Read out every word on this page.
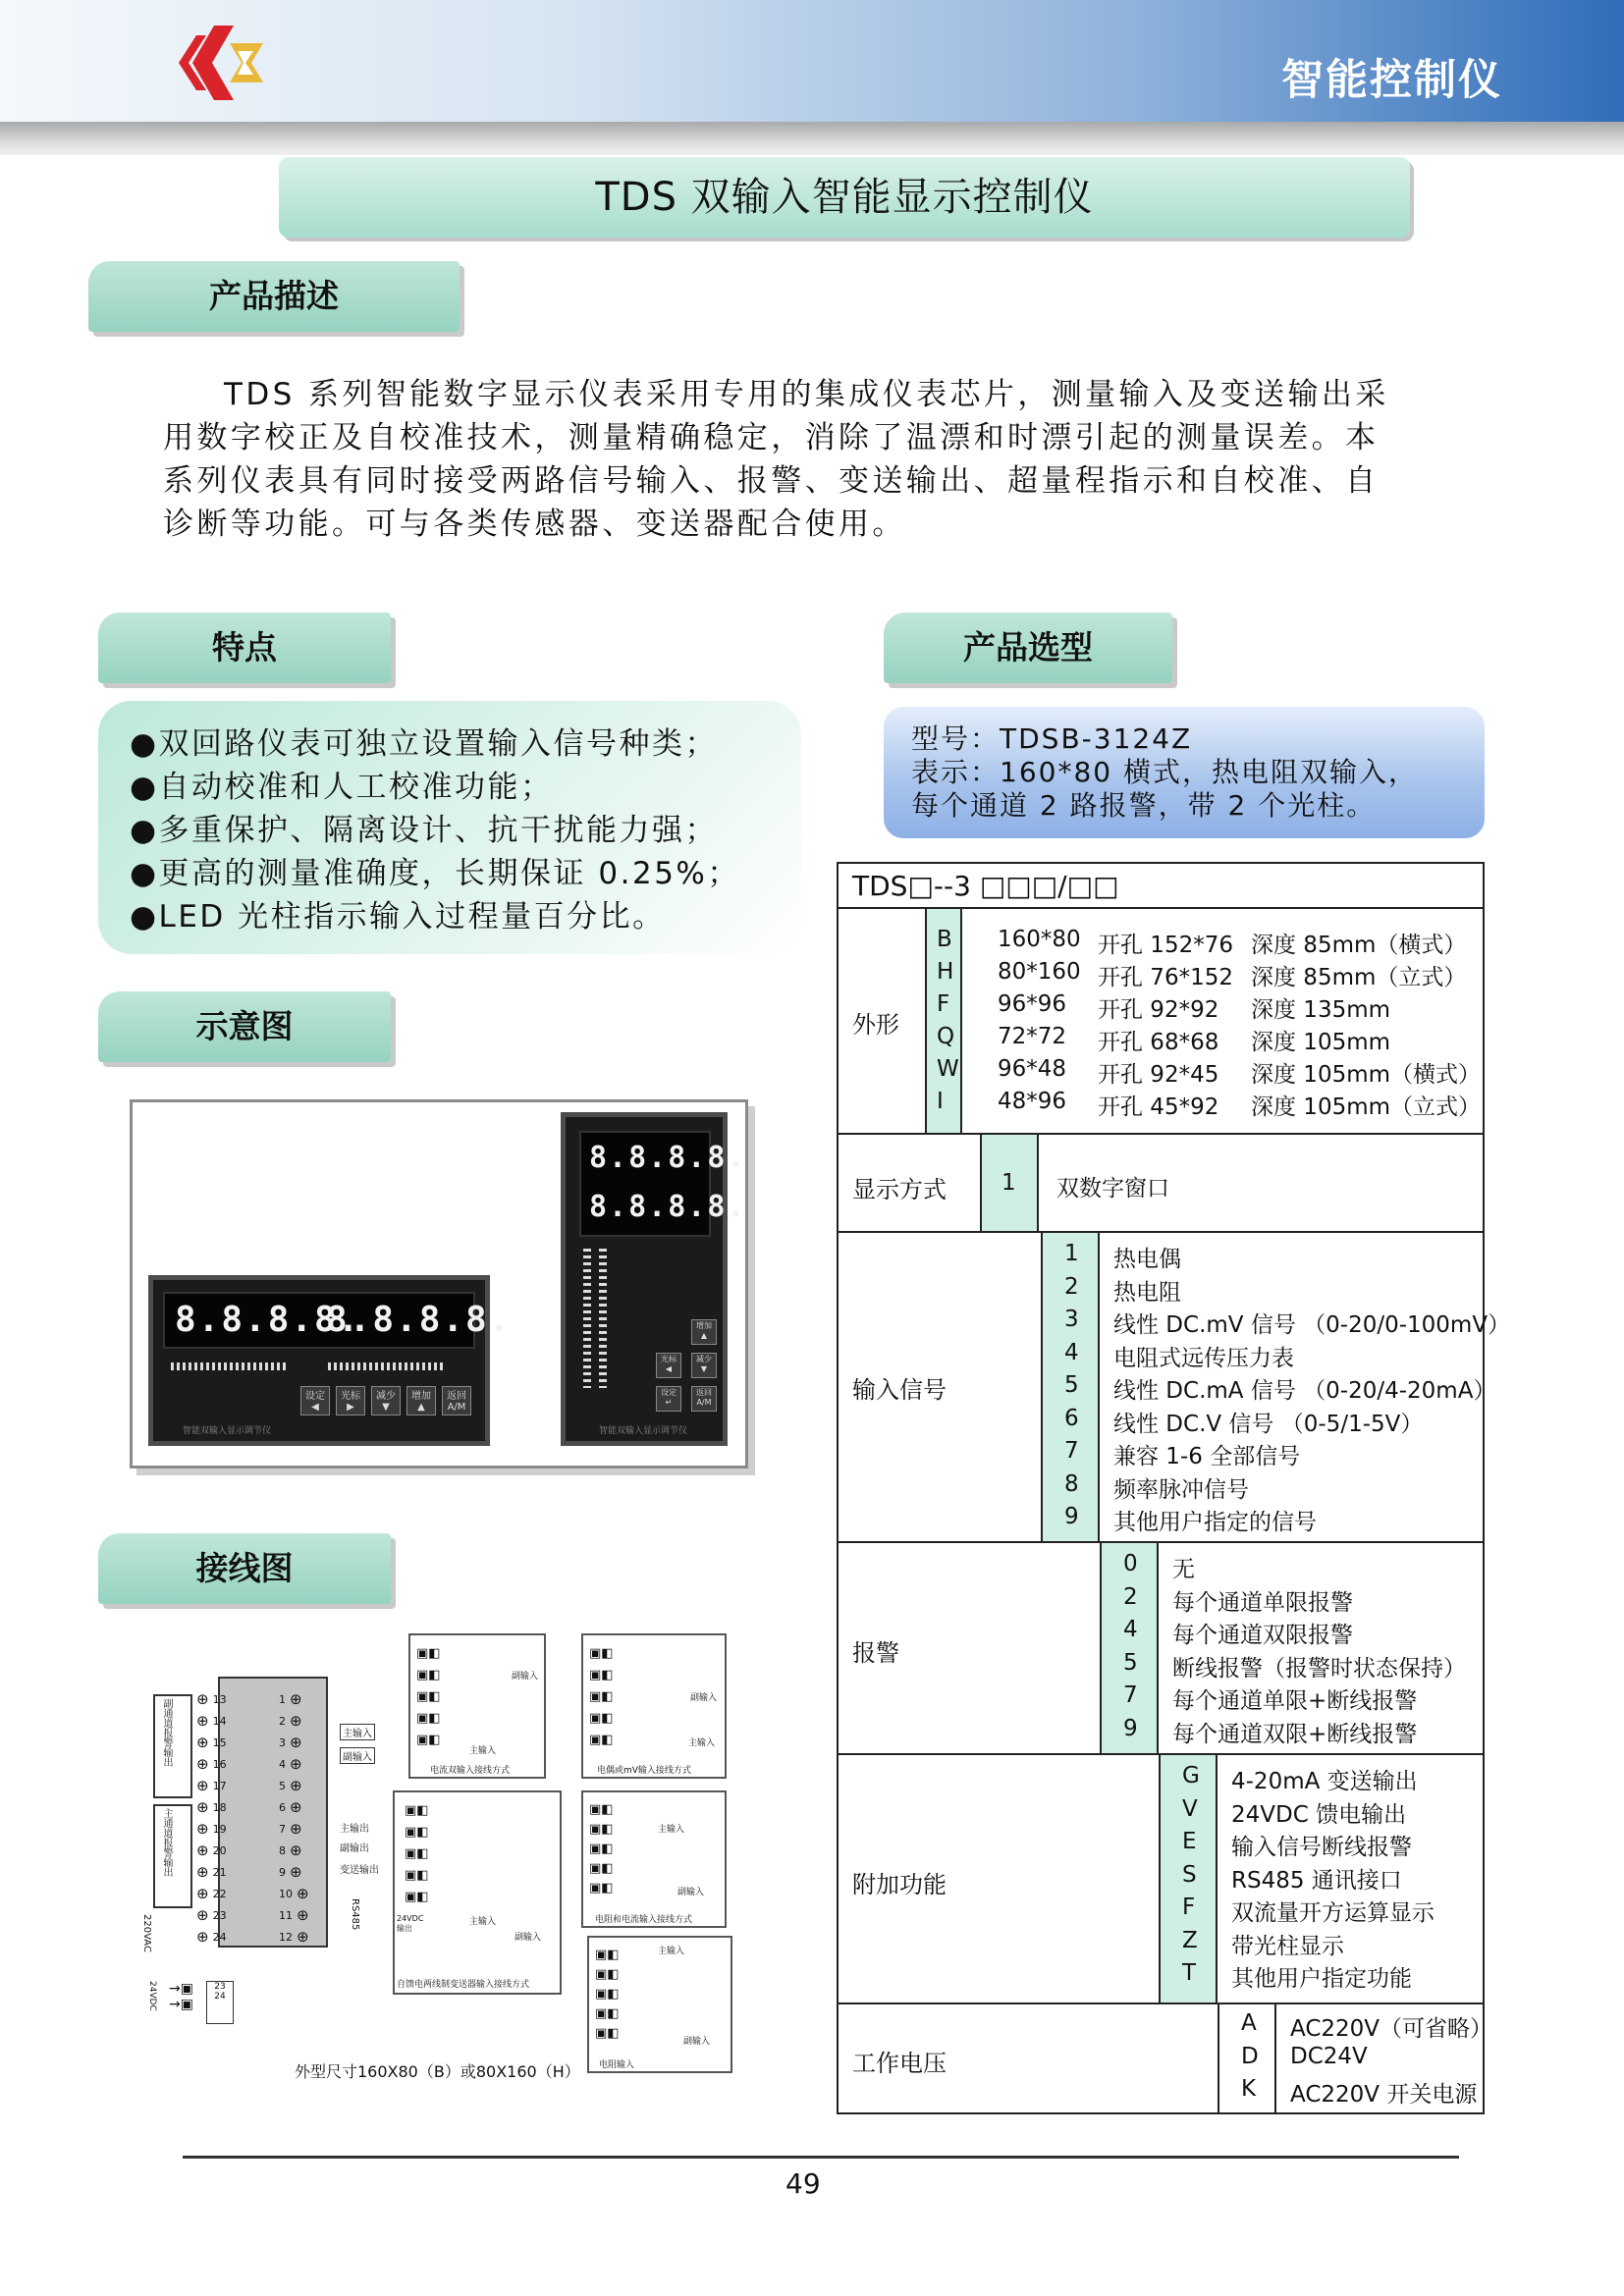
智能控制仪
TDS 双输入智能显示控制仪
产品描述

TDS 系列智能数字显示仪表采用专用的集成仪表芯片，测量输入及变送输出采

用数字校正及自校准技术，测量精确稳定，消除了温漂和时漂引起的测量误差。本
系列仪表具有同时接受两路信号输入、报警、变送输出、超量程指示和自校准、自
诊断等功能。可与各类传感器、变送器配合使用。
特点
●双回路仪表可独立设置输入信号种类；
●自动校准和人工校准功能；
●多重保护、隔离设计、抗干扰能力强；
●更高的测量准确度，长期保证 0.25%；
●LED 光柱指示输入过程量百分比。
产品选型
型号：TDSB-3124Z
表示：160*80 横式，热电阻双输入，
每个通道 2 路报警，带 2 个光柱。
TDS□--3 □□□/□□
外形
B
H
F
Q
W
I
160*80
80*160
96*96
72*72
96*48
48*96
开孔 152*76
开孔 76*152
开孔 92*92
开孔 68*68
开孔 92*45
开孔 45*92
深度 85mm（横式）
深度 85mm（立式）
深度 135mm
深度 105mm
深度 105mm（横式）
深度 105mm（立式）
显示方式 1 双数字窗口
输入信号
报警
附加功能
工作电压
1 热电偶
2 热电阻
3 线性 DC.mV 信号 （0-20/0-100mV）
4 电阻式远传压力表
5 线性 DC.mA 信号 （0-20/4-20mA）
6 线性 DC.V 信号 （0-5/1-5V）
7 兼容 1-6 全部信号
8 频率脉冲信号
9 其他用户指定的信号
0 无
2 每个通道单限报警
4 每个通道双限报警
5 断线报警（报警时状态保持）
7 每个通道单限+断线报警
9 每个通道双限+断线报警
G 4-20mA 变送输出
V 24VDC 馈电输出
E 输入信号断线报警
S RS485 通讯接口
F 双流量开方运算显示
Z 带光柱显示
T 其他用户指定功能
A AC220V（可省略）
D DC24V
K AC220V 开关电源
示意图
8.8.8.8.
8.8.8.8.
设定
◀
光标
▶
减少
▼
增加
▲
返回
A/M
智能双输入显示调节仪
8.8.8.8.
8.8.8.8.
增加
▲
光标
◀
减少
▼
设定
↵
返回
A/M
智能双输入显示调节仪
接线图
⊕ 13
⊕ 14
⊕ 15
⊕ 16
⊕ 17
⊕ 18
⊕ 19
⊕ 20
⊕ 21
⊕ 22
⊕ 23
⊕ 24
1 ⊕
2 ⊕
3 ⊕
4 ⊕
5 ⊕
6 ⊕
7 ⊕
8 ⊕
9 ⊕
10 ⊕
11 ⊕
12 ⊕
副通道报警输出
主通道报警输出
220VAC
主输入
副输入
主输出
副输出
变送输出
RS485
24VDC →▣
→▣
23
24
▣◧
▣◧
▣◧
▣◧
▣◧
副输入
主输入
电流双输入接线方式
▣◧
▣◧
▣◧
▣◧
▣◧
副输入
主输入
电偶或mV输入接线方式
▣◧
▣◧
▣◧
▣◧
▣◧
24VDC 输出
主输入
副输入
自馈电两线制变送器输入接线方式
▣◧
▣◧
▣◧
▣◧
▣◧
主输入
副输入
电阻和电流输入接线方式
▣◧
▣◧
▣◧
▣◧
▣◧
主输入
副输入
电阻输入
外型尺寸160X80（B）或80X160（H）
49
